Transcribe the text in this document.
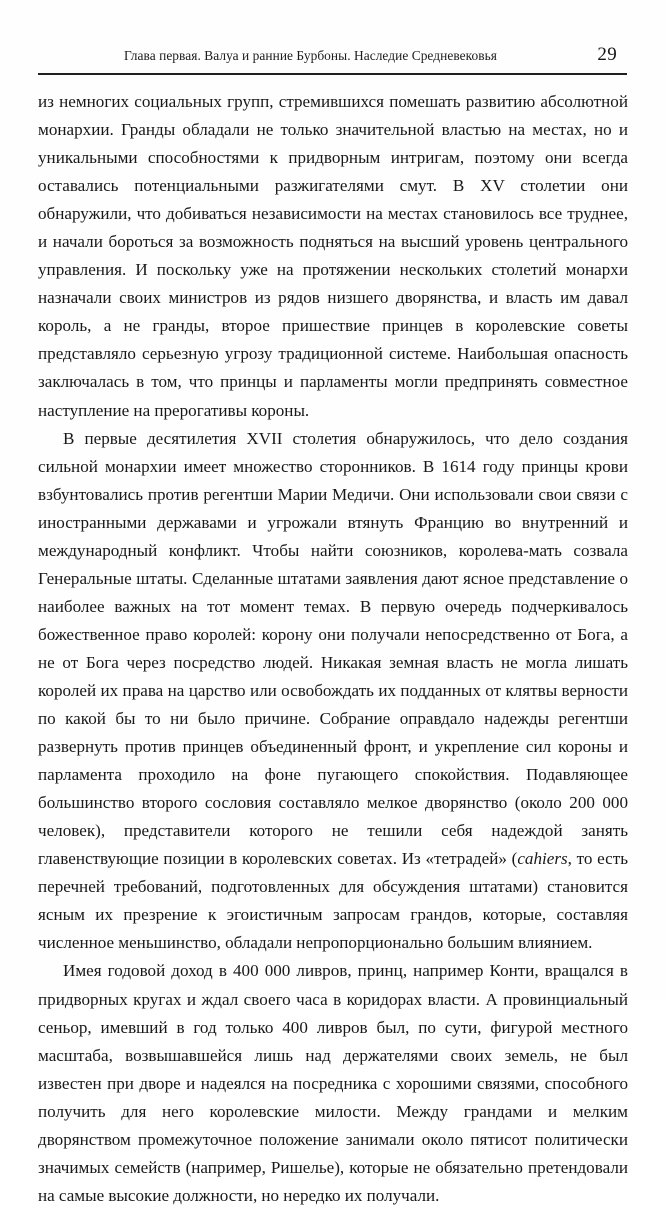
Глава первая. Валуа и ранние Бурбоны. Наследие Средневековья	29

из немногих социальных групп, стремившихся помешать развитию абсолютной монархии. Гранды обладали не только значительной властью на местах, но и уникальными способностями к придворным интригам, поэтому они всегда оставались потенциальными разжигателями смут. В XV столетии они обнаружили, что добиваться независимости на местах становилось все труднее, и начали бороться за возможность подняться на высший уровень центрального управления. И поскольку уже на протяжении нескольких столетий монархи назначали своих министров из рядов низшего дворянства, и власть им давал король, а не гранды, второе пришествие принцев в королевские советы представляло серьезную угрозу традиционной системе. Наибольшая опасность заключалась в том, что принцы и парламенты могли предпринять совместное наступление на прерогативы короны.

В первые десятилетия XVII столетия обнаружилось, что дело создания сильной монархии имеет множество сторонников. В 1614 году принцы крови взбунтовались против регентши Марии Медичи. Они использовали свои связи с иностранными державами и угрожали втянуть Францию во внутренний и международный конфликт. Чтобы найти союзников, королева-мать созвала Генеральные штаты. Сделанные штатами заявления дают ясное представление о наиболее важных на тот момент темах. В первую очередь подчеркивалось божественное право королей: корону они получали непосредственно от Бога, а не от Бога через посредство людей. Никакая земная власть не могла лишать королей их права на царство или освобождать их подданных от клятвы верности по какой бы то ни было причине. Собрание оправдало надежды регентши развернуть против принцев объединенный фронт, и укрепление сил короны и парламента проходило на фоне пугающего спокойствия. Подавляющее большинство второго сословия составляло мелкое дворянство (около 200 000 человек), представители которого не тешили себя надеждой занять главенствующие позиции в королевских советах. Из «тетрадей» (cahiers, то есть перечней требований, подготовленных для обсуждения штатами) становится ясным их презрение к эгоистичным запросам грандов, которые, составляя численное меньшинство, обладали непропорционально большим влиянием.

Имея годовой доход в 400 000 ливров, принц, например Конти, вращался в придворных кругах и ждал своего часа в коридорах власти. А провинциальный сеньор, имевший в год только 400 ливров был, по сути, фигурой местного масштаба, возвышавшейся лишь над держателями своих земель, не был известен при дворе и надеялся на посредника с хорошими связями, способного получить для него королевские милости. Между грандами и мелким дворянством промежуточное положение занимали около пятисот политически значимых семейств (например, Ришелье), которые не обязательно претендовали на самые высокие должности, но нередко их получали.
